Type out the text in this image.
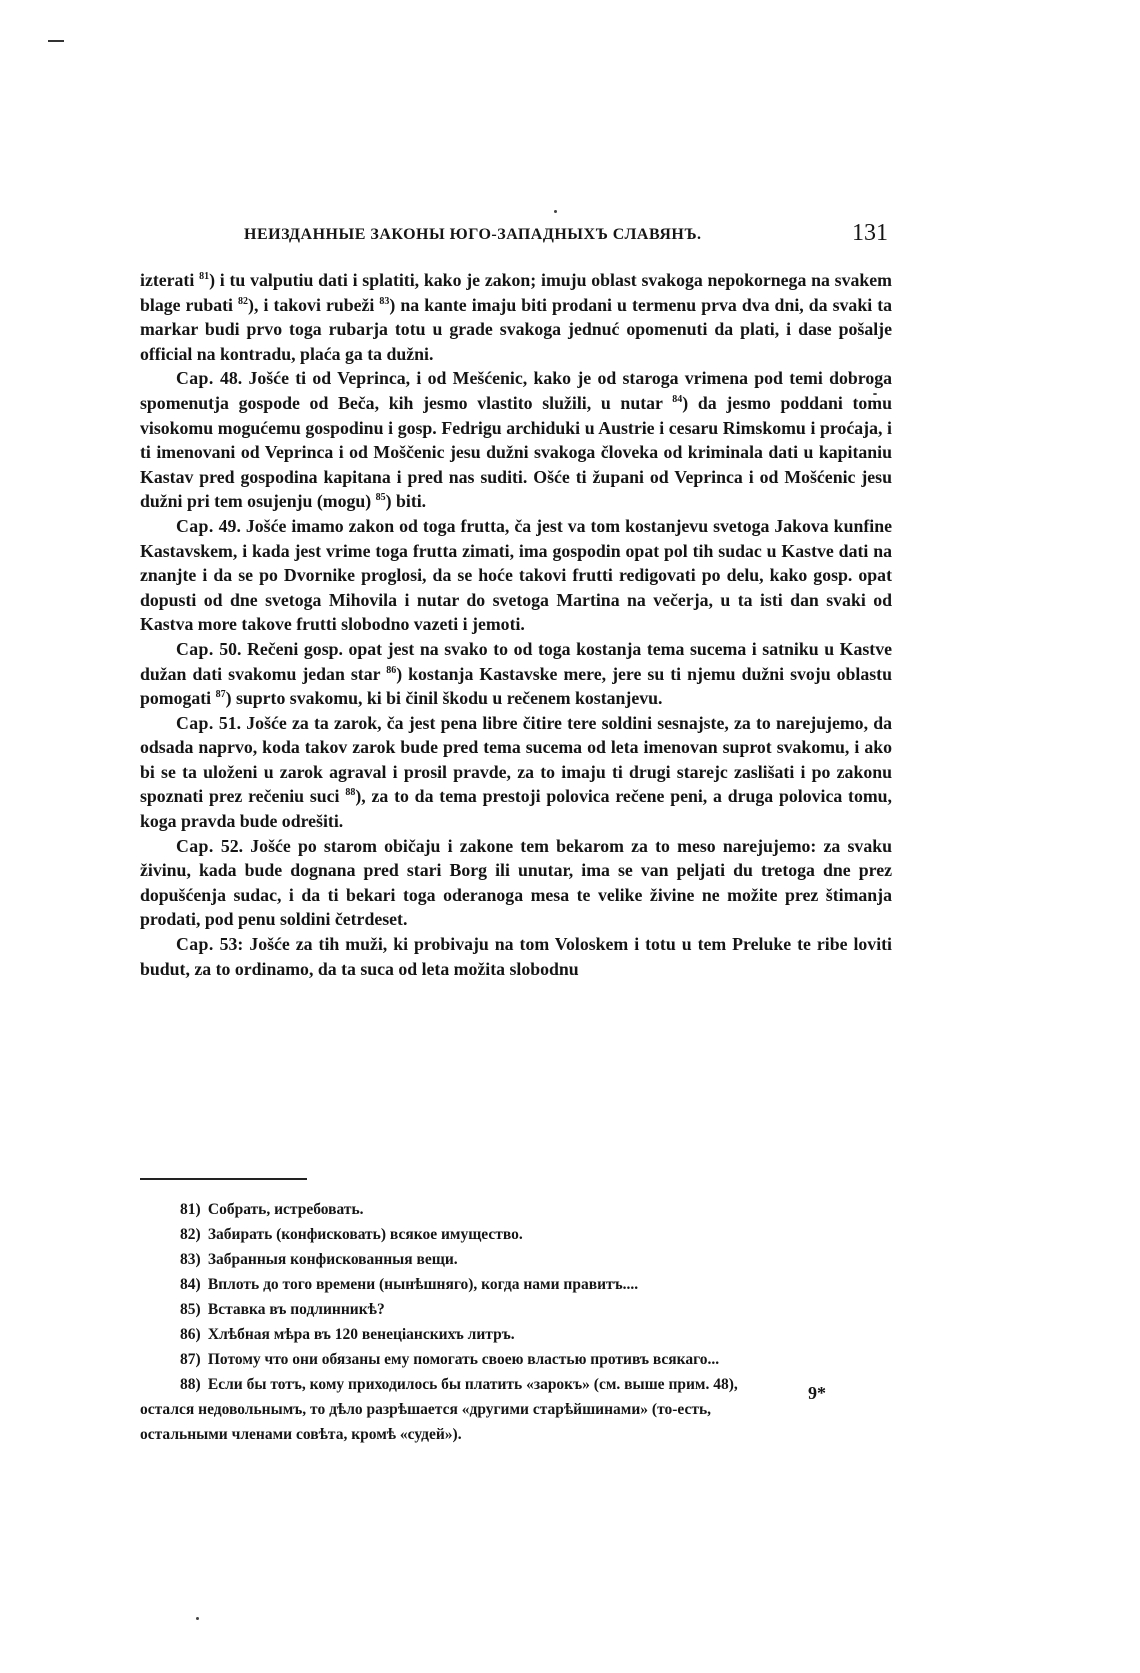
НЕИЗДАННЫЕ ЗАКОНЫ ЮГО-ЗАПАДНЫХЪ СЛАВЯНЪ.	131

izterati $^{81}$) i tu valputiu dati i splatiti, kako je zakon; imuju oblast svakoga nepokornega na svakem blage rubati $^{82}$), i takovi rubeži $^{83}$) na kante imaju biti prodani u termenu prva dva dni, da svaki ta markar budi prvo toga rubarja totu u grade svakoga jednuć opomenuti da plati, i dase pošalje official na kontradu, plaća ga ta dužni.

Cap. 48. Jošće ti od Veprinca, i od Mešćenic, kako je od staroga vrimena pod temi dobroga spomenutja gospode od Beča, kih jesmo vlastito služili, u nutar $^{84}$) da jesmo poddani tomu visokomu mogućemu gospodinu i gosp. Fedrigu archiduki u Austrie i cesaru Rimskomu i proćaja, i ti imenovani od Veprinca i od Moščenic jesu dužni svakoga človeka od kriminala dati u kapitaniu Kastav pred gospodina kapitana i pred nas suditi. Ošće ti župani od Veprinca i od Mošćenic jesu dužni pri tem osujenju (mogu) $^{85}$) biti.

Cap. 49. Jošće imamo zakon od toga frutta, ča jest va tom kostanjevu svetoga Jakova kunfine Kastavskem, i kada jest vrime toga frutta zimati, ima gospodin opat pol tih sudac u Kastve dati na znanjte i da se po Dvornike proglosi, da se hoće takovi frutti redigovati po delu, kako gosp. opat dopusti od dne svetoga Mihovila i nutar do svetoga Martina na večerja, u ta isti dan svaki od Kastva more takove frutti slobodno vazeti i jemoti.

Cap. 50. Rečeni gosp. opat jest na svako to od toga kostanja tema sucema i satniku u Kastve dužan dati svakomu jedan star $^{86}$) kostanja Kastavske mere, jere su ti njemu dužni svoju oblastu pomogati $^{87}$) suprto svakomu, ki bi činil škodu u rečenem kostanjevu.

Cap. 51. Jošće za ta zarok, ča jest pena libre čitire tere soldini sesnajste, za to narejujemo, da odsada naprvo, koda takov zarok bude pred tema sucema od leta imenovan suprot svakomu, i ako bi se ta uloženi u zarok agraval i prosil pravde, za to imaju ti drugi starejc zaslišati i po zakonu spoznati prez rečeniu suci $^{88}$), za to da tema prestoji polovica rečene peni, a druga polovica tomu, koga pravda bude odrešiti.

Cap. 52. Jošće po starom običaju i zakone tem bekarom za to meso narejujemo: za svaku živinu, kada bude dognana pred stari Borg ili unutar, ima se van peljati du tretoga dne prez dopušćenja sudac, i da ti bekari toga oderanoga mesa te velike živine ne možite prez štimanja prodati, pod penu soldini četrdeset.

Cap. 53: Jošće za tih muži, ki probivaju na tom Voloskem i totu u tem Preluke te ribe loviti budut, za to ordinamo, da ta suca od leta možita slobodnu

81) Собрать, истребовать.
82) Забирать (конфисковать) всякое имущество.
83) Забранныя конфискованныя вещи.
84) Вплоть до того времени (нынѣшняго), когда нами правитъ....
85) Вставка въ подлинникѣ?
86) Хлѣбная мѣра въ 120 венеціанскихъ литръ.
87) Потому что они обязаны ему помогать своею властью противъ всякаго...
88) Если бы тотъ, кому приходилось бы платить «зарокъ» (см. выше прим. 48),
остался недовольнымъ, то дѣло разрѣшается «другими старѣйшинами» (то-есть,
остальными членами совѣта, кромѣ «судей»).
9*
